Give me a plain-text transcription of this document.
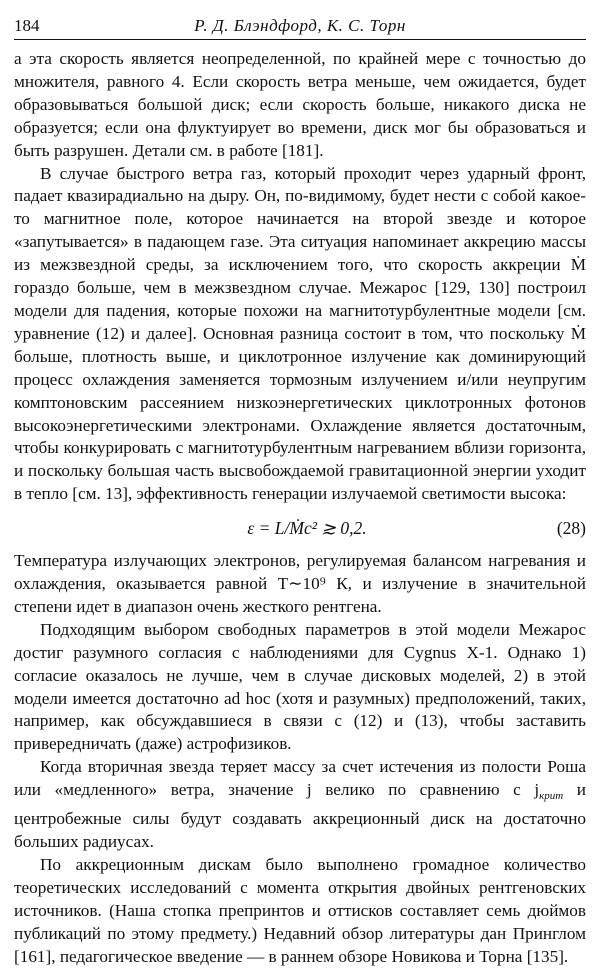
184	Р. Д. Блэндфорд, К. С. Торн

а эта скорость является неопределенной, по крайней мере с точностью до множителя, равного 4. Если скорость ветра меньше, чем ожидается, будет образовываться большой диск; если скорость больше, никакого диска не образуется; если она флуктуирует во времени, диск мог бы образоваться и быть разрушен. Детали см. в работе [181].

В случае быстрого ветра газ, который проходит через ударный фронт, падает квазирадиально на дыру. Он, по-видимому, будет нести с собой какое-то магнитное поле, которое начинается на второй звезде и которое «запутывается» в падающем газе. Эта ситуация напоминает аккрецию массы из межзвездной среды, за исключением того, что скорость аккреции Ṁ гораздо больше, чем в межзвездном случае. Межарос [129, 130] построил модели для падения, которые похожи на магнитотурбулентные модели [см. уравнение (12) и далее]. Основная разница состоит в том, что поскольку Ṁ больше, плотность выше, и циклотронное излучение как доминирующий процесс охлаждения заменяется тормозным излучением и/или неупругим комптоновским рассеянием низкоэнергетических циклотронных фотонов высокоэнергетическими электронами. Охлаждение является достаточным, чтобы конкурировать с магнитотурбулентным нагреванием вблизи горизонта, и поскольку большая часть высвобождаемой гравитационной энергии уходит в тепло [см. 13], эффективность генерации излучаемой светимости высока:

ε = L/Ṁc² ≳ 0,2.	(28)

Температура излучающих электронов, регулируемая балансом нагревания и охлаждения, оказывается равной T∼10⁹ К, и излучение в значительной степени идет в диапазон очень жесткого рентгена.

Подходящим выбором свободных параметров в этой модели Межарос достиг разумного согласия с наблюдениями для Cygnus X-1. Однако 1) согласие оказалось не лучше, чем в случае дисковых моделей, 2) в этой модели имеется достаточно ad hoc (хотя и разумных) предположений, таких, например, как обсуждавшиеся в связи с (12) и (13), чтобы заставить привередничать (даже) астрофизиков.

Когда вторичная звезда теряет массу за счет истечения из полости Роша или «медленного» ветра, значение j велико по сравнению с $j_{крит}$ и центробежные силы будут создавать аккреционный диск на достаточно больших радиусах.

По аккреционным дискам было выполнено громадное количество теоретических исследований с момента открытия двойных рентгеновских источников. (Наша стопка препринтов и оттисков составляет семь дюймов публикаций по этому предмету.) Недавний обзор литературы дан Принглом [161], педагогическое введение — в раннем обзоре Новикова и Торна [135].
